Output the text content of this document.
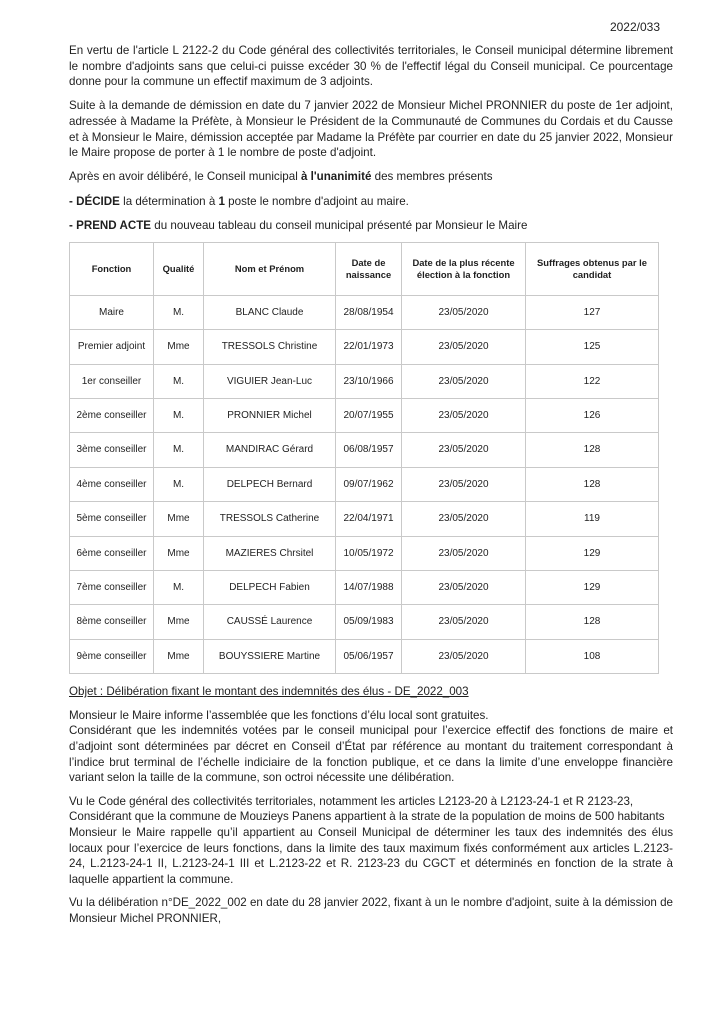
2022/033

En vertu de l'article L 2122-2 du Code général des collectivités territoriales, le Conseil municipal détermine librement le nombre d'adjoints sans que celui-ci puisse excéder 30 % de l'effectif légal du Conseil municipal. Ce pourcentage donne pour la commune un effectif maximum de 3 adjoints.

Suite à la demande de démission en date du 7 janvier 2022 de Monsieur Michel PRONNIER du poste de 1er adjoint, adressée à Madame la Préfète, à Monsieur le Président de la Communauté de Communes du Cordais et du Causse et à Monsieur le Maire, démission acceptée par Madame la Préfète par courrier en date du 25 janvier 2022, Monsieur le Maire propose de porter à 1 le nombre de poste d'adjoint.

Après en avoir délibéré, le Conseil municipal à l'unanimité des membres présents

- DÉCIDE la détermination à 1 poste le nombre d'adjoint au maire.

- PREND ACTE du nouveau tableau du conseil municipal présenté par Monsieur le Maire

Fonction	Qualité	Nom et Prénom	Date de naissance	Date de la plus récente élection à la fonction	Suffrages obtenus par le candidat
Maire	M.	BLANC Claude	28/08/1954	23/05/2020	127
Premier adjoint	Mme	TRESSOLS Christine	22/01/1973	23/05/2020	125
1er conseiller	M.	VIGUIER Jean-Luc	23/10/1966	23/05/2020	122
2ème conseiller	M.	PRONNIER Michel	20/07/1955	23/05/2020	126
3ème conseiller	M.	MANDIRAC Gérard	06/08/1957	23/05/2020	128
4ème conseiller	M.	DELPECH Bernard	09/07/1962	23/05/2020	128
5ème conseiller	Mme	TRESSOLS Catherine	22/04/1971	23/05/2020	119
6ème conseiller	Mme	MAZIERES Chrsitel	10/05/1972	23/05/2020	129
7ème conseiller	M.	DELPECH Fabien	14/07/1988	23/05/2020	129
8ème conseiller	Mme	CAUSSÉ Laurence	05/09/1983	23/05/2020	128
9ème conseiller	Mme	BOUYSSIERE Martine	05/06/1957	23/05/2020	108

Objet : Délibération fixant le montant des indemnités des élus - DE_2022_003

Monsieur le Maire informe l’assemblée que les fonctions d’élu local sont gratuites.

Considérant que les indemnités votées par le conseil municipal pour l’exercice effectif des fonctions de maire et d’adjoint sont déterminées par décret en Conseil d’État par référence au montant du traitement correspondant à l’indice brut terminal de l’échelle indiciaire de la fonction publique, et ce dans la limite d’une enveloppe financière variant selon la taille de la commune, son octroi nécessite une délibération.

Vu le Code général des collectivités territoriales, notamment les articles L2123-20 à L2123-24-1 et R 2123-23,

Considérant que la commune de Mouzieys Panens appartient à la strate de la population de moins de 500 habitants

Monsieur le Maire rappelle qu’il appartient au Conseil Municipal de déterminer les taux des indemnités des élus locaux pour l’exercice de leurs fonctions, dans la limite des taux maximum fixés conformément aux articles L.2123-24, L.2123-24-1 II, L.2123-24-1 III et L.2123-22 et R. 2123-23 du CGCT et déterminés en fonction de la strate à laquelle appartient la commune.

Vu la délibération n°DE_2022_002 en date du 28 janvier 2022, fixant à un le nombre d'adjoint, suite à la démission de Monsieur Michel PRONNIER,
